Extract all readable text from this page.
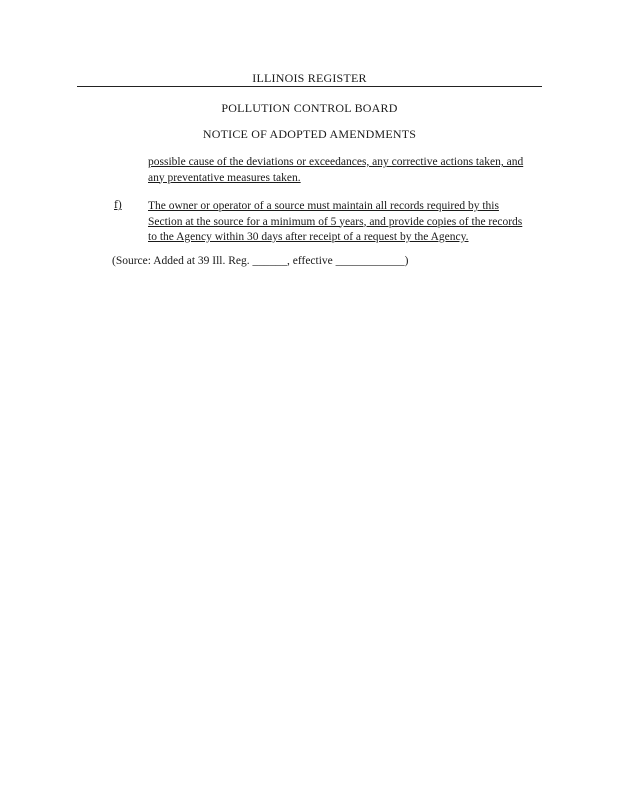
ILLINOIS REGISTER
POLLUTION CONTROL BOARD
NOTICE OF ADOPTED AMENDMENTS
possible cause of the deviations or exceedances, any corrective actions taken, and
any preventative measures taken.
f) The owner or operator of a source must maintain all records required by this
Section at the source for a minimum of 5 years, and provide copies of the records
to the Agency within 30 days after receipt of a request by the Agency.
(Source: Added at 39 Ill. Reg. ______, effective ____________)
